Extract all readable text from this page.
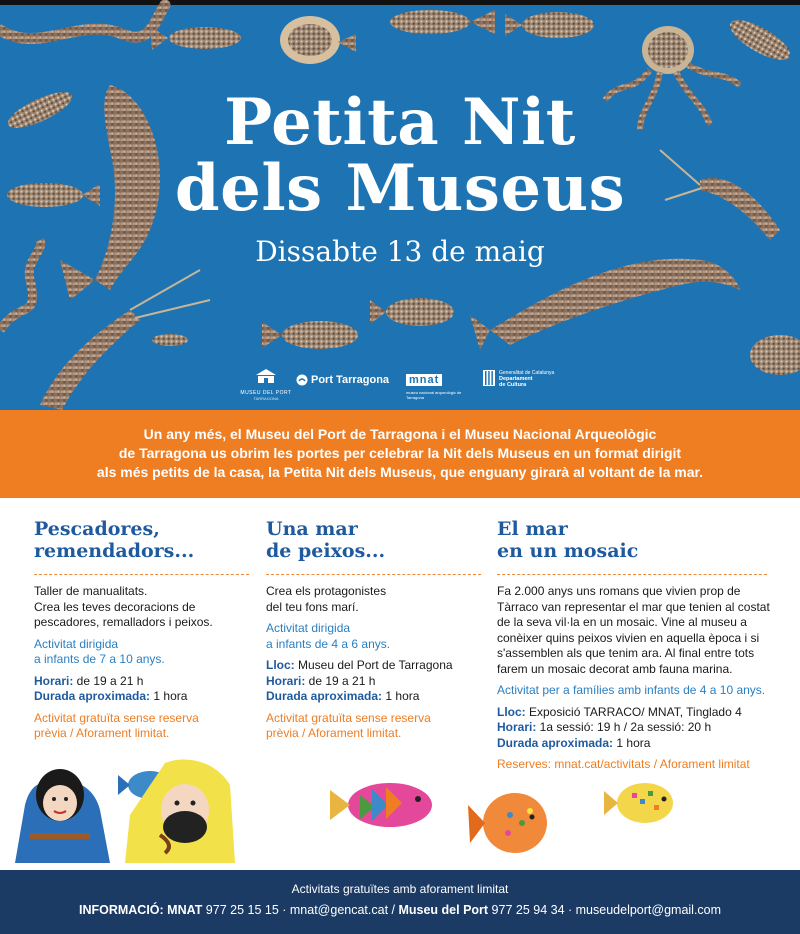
Petita Nit
dels Museus
Dissabte 13 de maig
MUSEU DEL PORT
TARRAGONA
Port Tarragona mnat
museu nacional arqueològic de Tarragona
Generalitat de Catalunya
Departament
de Cultura
Un any més, el Museu del Port de Tarragona i el Museu Nacional Arqueològic
de Tarragona us obrim les portes per celebrar la Nit dels Museus en un format dirigit
als més petits de la casa, la Petita Nit dels Museus, que enguany girarà al voltant de la mar.
Pescadores,
remendadors...

Taller de manualitats.
Crea les teves decoracions de
pescadores, remalladors i peixos.

Activitat dirigida
a infants de 7 a 10 anys.

Horari: de 19 a 21 h

Durada aproximada: 1 hora

Activitat gratuïta sense reserva
prèvia / Aforament limitat.

Una mar
de peixos...

Crea els protagonistes
del teu fons marí.

Activitat dirigida
a infants de 4 a 6 anys.

Lloc: Museu del Port de Tarragona

Horari: de 19 a 21 h

Durada aproximada: 1 hora

Activitat gratuïta sense reserva
prèvia / Aforament limitat.

El mar
en un mosaic

Fa 2.000 anys uns romans que vivien prop de
Tàrraco van representar el mar que tenien al costat
de la seva vil·la en un mosaic. Vine al museu a
conèixer quins peixos vivien en aquella època i si
s'assemblen als que tenim ara. Al final entre tots
farem un mosaic decorat amb fauna marina.

Activitat per a famílies amb infants de 4 a 10 anys.

Lloc: Exposició TARRACO/ MNAT, Tinglado 4

Horari: 1a sessió: 19 h / 2a sessió: 20 h

Durada aproximada: 1 hora

Reserves: mnat.cat/activitats / Aforament limitat

Activitats gratuïtes amb aforament limitat
INFORMACIÓ: MNAT 977 25 15 15 · mnat@gencat.cat / Museu del Port 977 25 94 34 · museudelport@gmail.com
